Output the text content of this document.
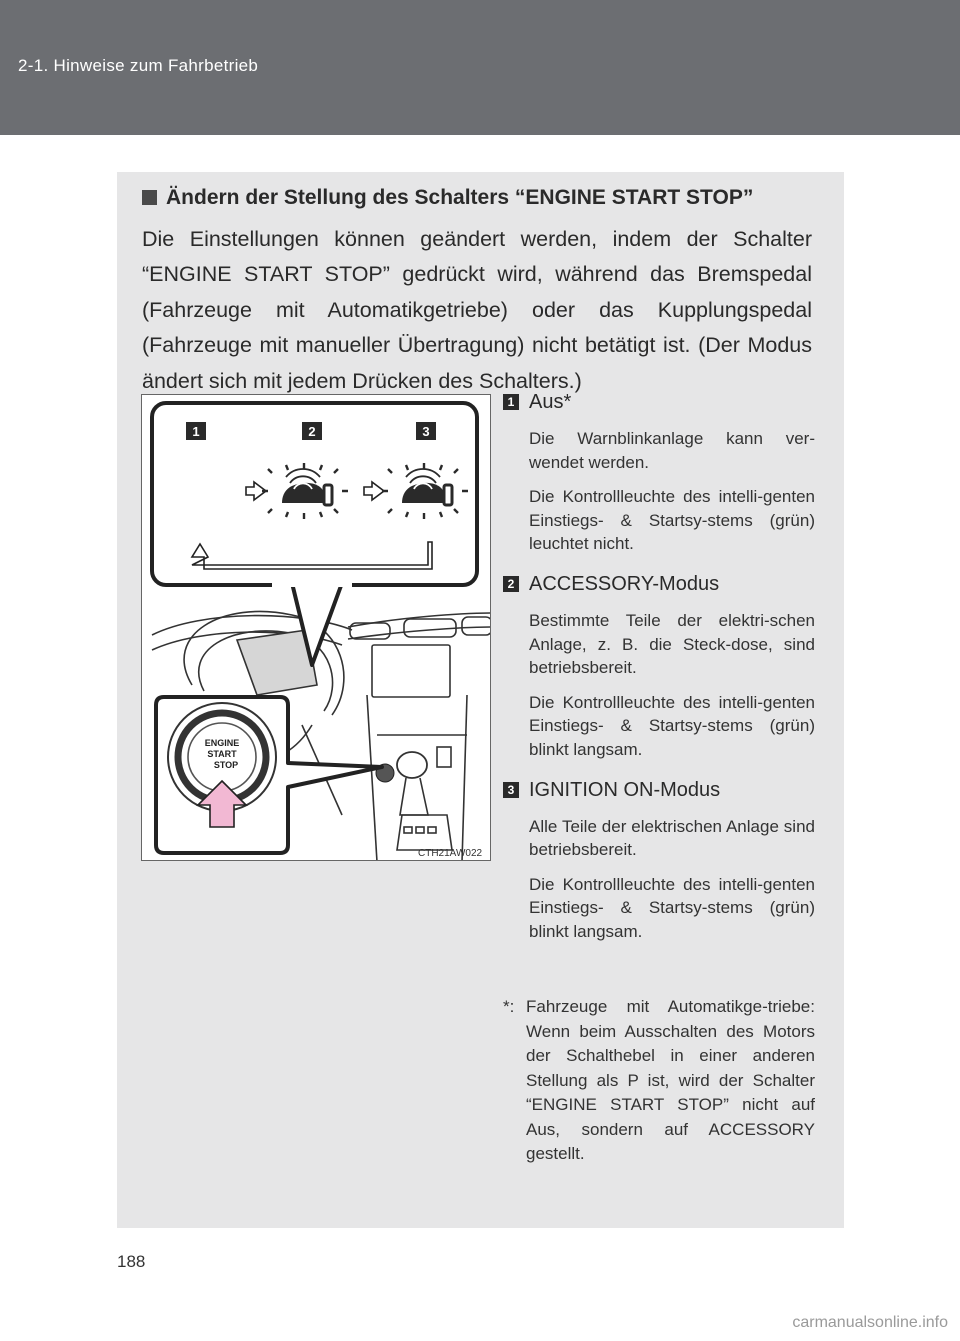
2-1. Hinweise zum Fahrbetrieb
Ändern der Stellung des Schalters “ENGINE START STOP”

Die Einstellungen können geändert werden, indem der Schalter “ENGINE START STOP” gedrückt wird, während das Bremspedal (Fahrzeuge mit Automatikgetriebe) oder das Kupplungspedal (Fahrzeuge mit manueller Übertragung) nicht betätigt ist. (Der Modus ändert sich mit jedem Drücken des Schalters.)

1	2	3
ENGINE
START
STOP
CTH21AW022
1 Aus*

Die Warnblinkanlage kann ver-wendet werden.

Die Kontrollleuchte des intelli-genten Einstiegs- & Startsy-stems (grün) leuchtet nicht.

2 ACCESSORY-Modus

Bestimmte Teile der elektri-schen Anlage, z. B. die Steck-dose, sind betriebsbereit.

Die Kontrollleuchte des intelli-genten Einstiegs- & Startsy-stems (grün) blinkt langsam.

3 IGNITION ON-Modus

Alle Teile der elektrischen Anlage sind betriebsbereit.

Die Kontrollleuchte des intelli-genten Einstiegs- & Startsy-stems (grün) blinkt langsam.

*: Fahrzeuge mit Automatikge-triebe: Wenn beim Ausschalten des Motors der Schalthebel in einer anderen Stellung als P ist, wird der Schalter “ENGINE START STOP” nicht auf Aus, sondern auf ACCESSORY gestellt.

188
carmanualsonline.info
